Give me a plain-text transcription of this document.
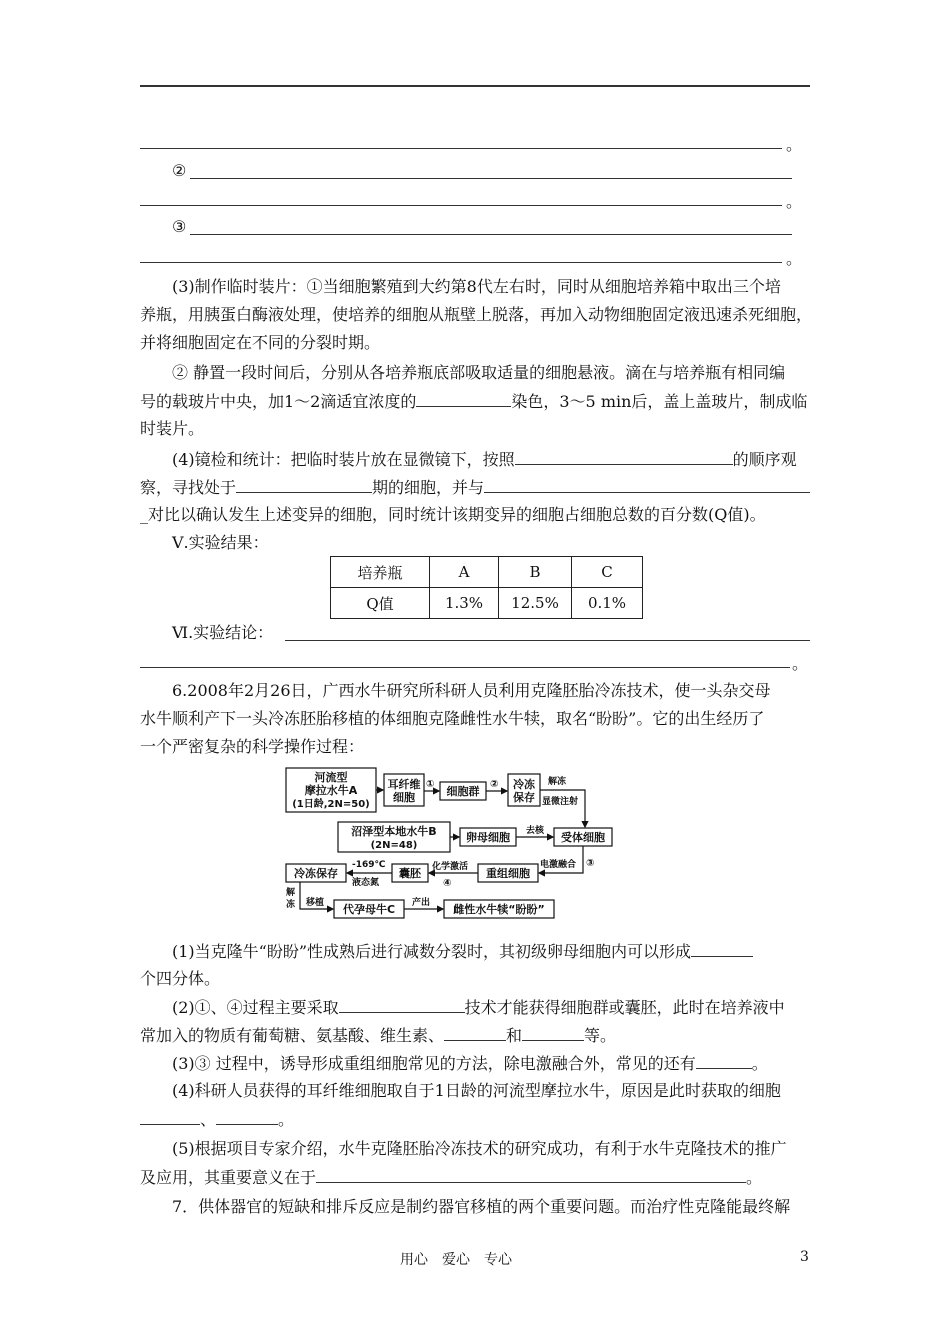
。
②
。
③
。
(3)制作临时装片：①当细胞繁殖到大约第8代左右时，同时从细胞培养箱中取出三个培
养瓶，用胰蛋白酶液处理，使培养的细胞从瓶壁上脱落，再加入动物细胞固定液迅速杀死细胞，
并将细胞固定在不同的分裂时期。
② 静置一段时间后，分别从各培养瓶底部吸取适量的细胞悬液。滴在与培养瓶有相同编
号的载玻片中央，加1～2滴适宜浓度的	染色，3～5 min后，盖上盖玻片，制成临
时装片。
(4)镜检和统计：把临时装片放在显微镜下，按照	的顺序观
察，寻找处于	期的细胞，并与
_对比以确认发生上述变异的细胞，同时统计该期变异的细胞占细胞总数的百分数(Q值)。
Ⅴ.实验结果：
培养瓶	A	B	C
Q值	1.3%	12.5%	0.1%
Ⅵ.实验结论：
。
6.2008年2月26日，广西水牛研究所科研人员利用克隆胚胎冷冻技术，使一头杂交母
水牛顺利产下一头冷冻胚胎移植的体细胞克隆雌性水牛犊，取名“盼盼”。它的出生经历了
一个严密复杂的科学操作过程：
河流型
摩拉水牛A
(1日龄,2N=50)
耳纤维
细胞
①
细胞群
② 冷冻
保存
解冻
显微注射
沼泽型本地水牛B
(2N=48)
卵母细胞 去核 受体细胞
电激融合 ③
重组细胞
化学激活
④
囊胚
-169℃
液态氮
冷冻保存
解
冻 移植 代孕母牛C 产出 雌性水牛犊“盼盼”
(1)当克隆牛“盼盼”性成熟后进行减数分裂时，其初级卵母细胞内可以形成
个四分体。
(2)①、④过程主要采取	技术才能获得细胞群或囊胚，此时在培养液中
常加入的物质有葡萄糖、氨基酸、维生素、	和	等。
(3)③ 过程中，诱导形成重组细胞常见的方法，除电激融合外，常见的还有	。
(4)科研人员获得的耳纤维细胞取自于1日龄的河流型摩拉水牛，原因是此时获取的细胞
、	。
(5)根据项目专家介绍，水牛克隆胚胎冷冻技术的研究成功，有利于水牛克隆技术的推广
及应用，其重要意义在于	。
7．供体器官的短缺和排斥反应是制约器官移植的两个重要问题。而治疗性克隆能最终解
用心　爱心　专心	3
